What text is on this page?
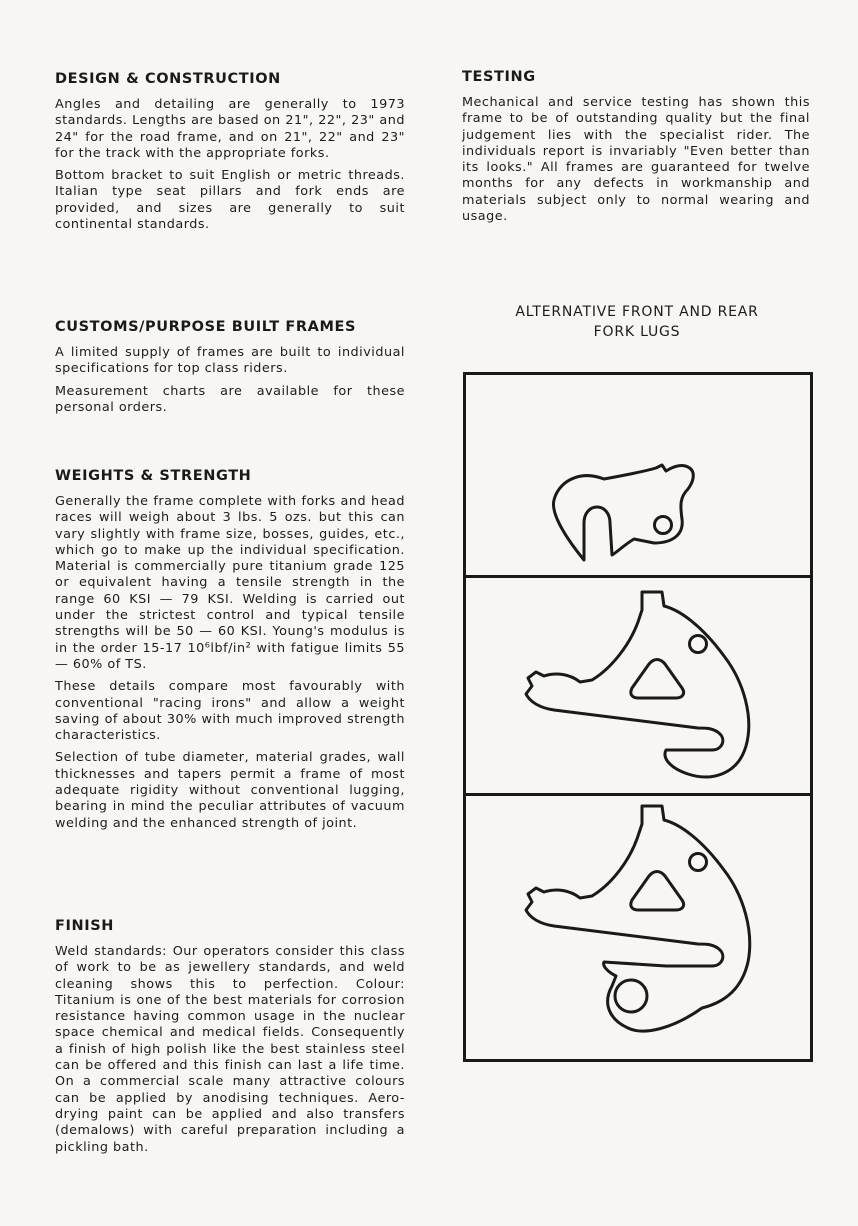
DESIGN & CONSTRUCTION

Angles and detailing are generally to 1973 standards. Lengths are based on 21", 22", 23" and 24" for the road frame, and on 21", 22" and 23" for the track with the appropriate forks.

Bottom bracket to suit English or metric threads. Italian type seat pillars and fork ends are provided, and sizes are generally to suit continental standards.

CUSTOMS/PURPOSE BUILT FRAMES

A limited supply of frames are built to individual specifications for top class riders.

Measurement charts are available for these personal orders.

WEIGHTS & STRENGTH

Generally the frame complete with forks and head races will weigh about 3 lbs. 5 ozs. but this can vary slightly with frame size, bosses, guides, etc., which go to make up the individual specification. Material is commercially pure titanium grade 125 or equivalent having a tensile strength in the range 60 KSI — 79 KSI. Welding is carried out under the strictest control and typical tensile strengths will be 50 — 60 KSI. Young's modulus is in the order 15-17 10⁶lbf/in² with fatigue limits 55 — 60% of TS.

These details compare most favourably with conventional "racing irons" and allow a weight saving of about 30% with much improved strength characteristics.

Selection of tube diameter, material grades, wall thicknesses and tapers permit a frame of most adequate rigidity without conventional lugging, bearing in mind the peculiar attributes of vacuum welding and the enhanced strength of joint.

FINISH

Weld standards: Our operators consider this class of work to be as jewellery standards, and weld cleaning shows this to perfection. Colour: Titanium is one of the best materials for corrosion resistance having common usage in the nuclear space chemical and medical fields. Consequently a finish of high polish like the best stainless steel can be offered and this finish can last a life time. On a commercial scale many attractive colours can be applied by anodising techniques. Aero-drying paint can be applied and also transfers (demalows) with careful preparation including a pickling bath.

TESTING

Mechanical and service testing has shown this frame to be of outstanding quality but the final judgement lies with the specialist rider. The individuals report is invariably "Even better than its looks." All frames are guaranteed for twelve months for any defects in workmanship and materials subject only to normal wearing and usage.

ALTERNATIVE FRONT AND REAR
FORK LUGS
